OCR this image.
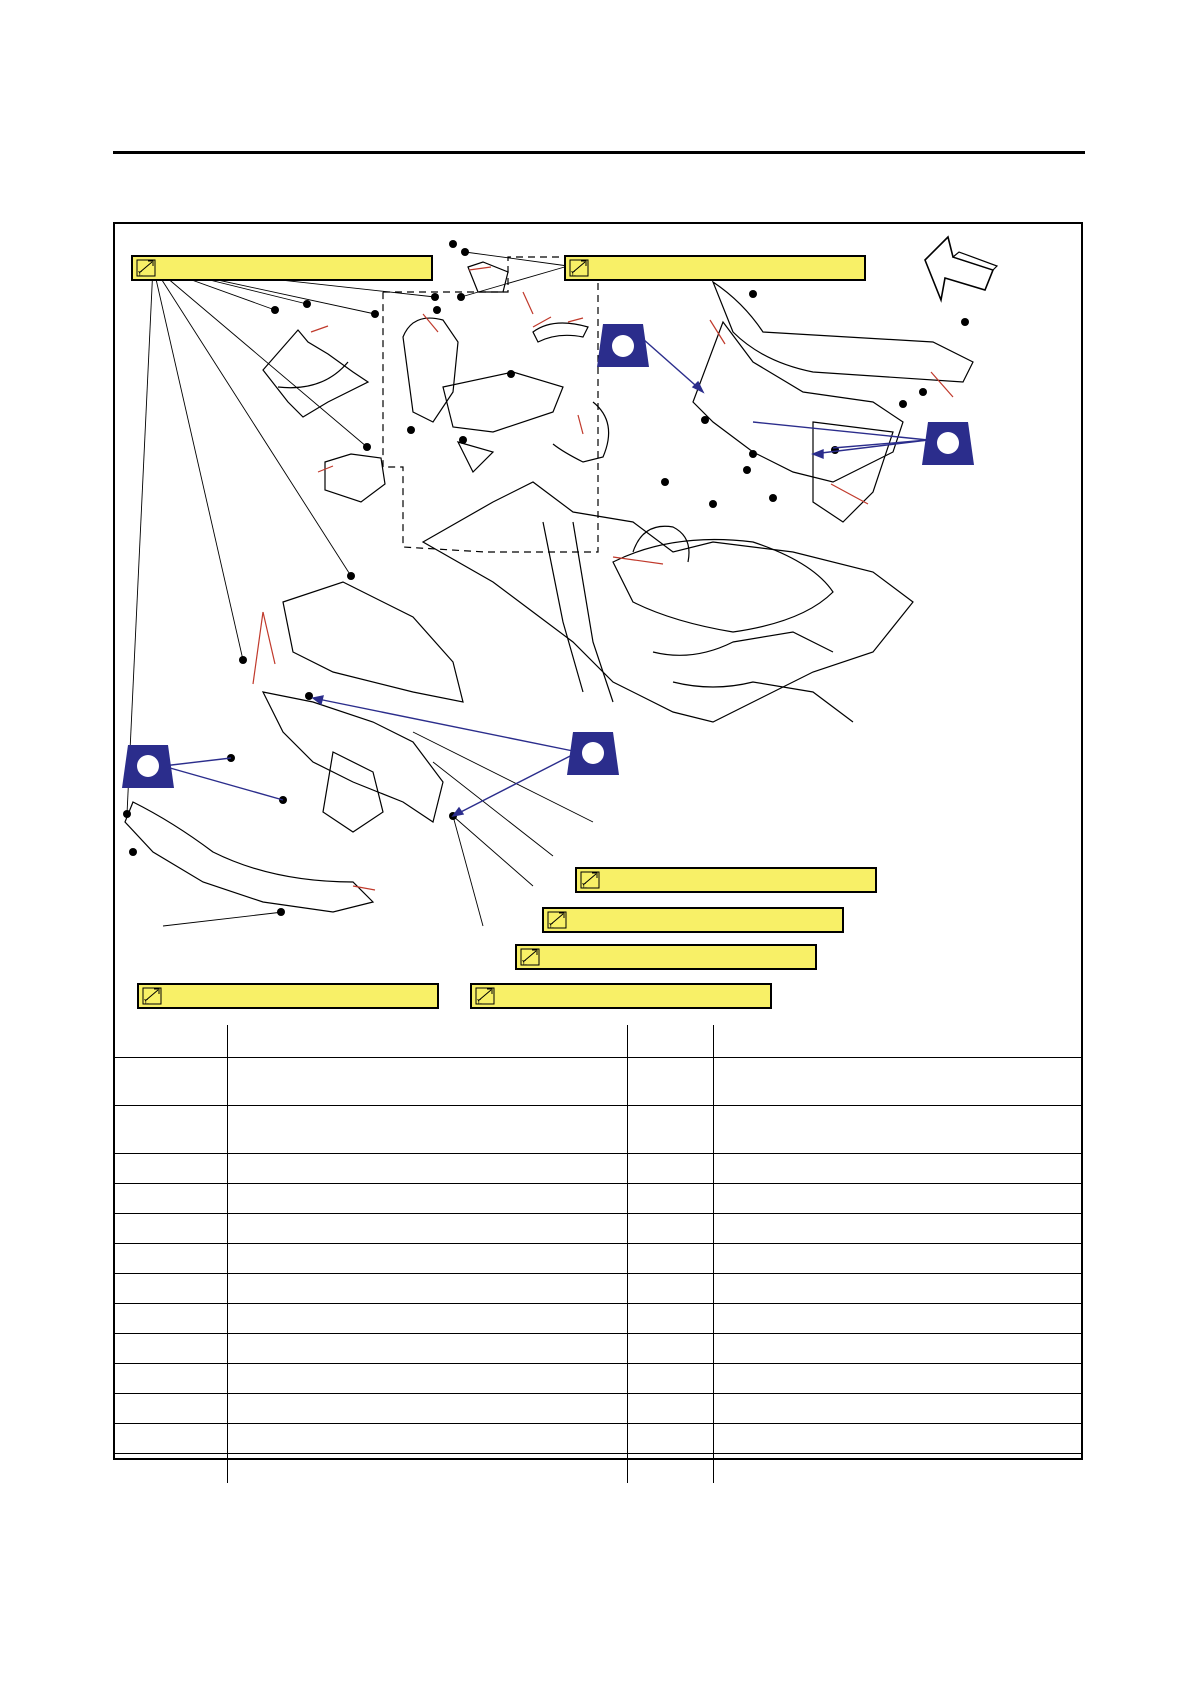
T.	T.
T.
T.
T.
T.	T.
